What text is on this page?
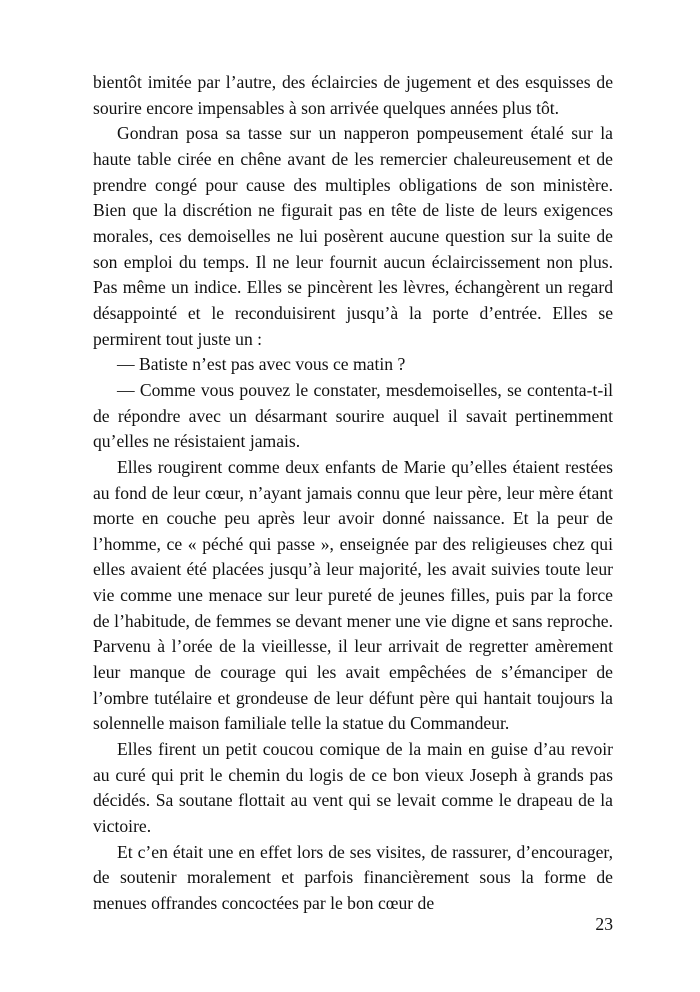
bientôt imitée par l’autre, des éclaircies de jugement et des esquisses de sourire encore impensables à son arrivée quelques années plus tôt.

Gondran posa sa tasse sur un napperon pompeusement étalé sur la haute table cirée en chêne avant de les remercier chaleureusement et de prendre congé pour cause des multiples obligations de son ministère. Bien que la discrétion ne figurait pas en tête de liste de leurs exigences morales, ces demoiselles ne lui posèrent aucune question sur la suite de son emploi du temps. Il ne leur fournit aucun éclaircissement non plus. Pas même un indice. Elles se pincèrent les lèvres, échangèrent un regard désappointé et le reconduisirent jusqu’à la porte d’entrée. Elles se permirent tout juste un :

— Batiste n’est pas avec vous ce matin ?

— Comme vous pouvez le constater, mesdemoiselles, se contenta-t-il de répondre avec un désarmant sourire auquel il savait pertinemment qu’elles ne résistaient jamais.

Elles rougirent comme deux enfants de Marie qu’elles étaient restées au fond de leur cœur, n’ayant jamais connu que leur père, leur mère étant morte en couche peu après leur avoir donné naissance. Et la peur de l’homme, ce « péché qui passe », enseignée par des religieuses chez qui elles avaient été placées jusqu’à leur majorité, les avait suivies toute leur vie comme une menace sur leur pureté de jeunes filles, puis par la force de l’habitude, de femmes se devant mener une vie digne et sans reproche. Parvenu à l’orée de la vieillesse, il leur arrivait de regretter amèrement leur manque de courage qui les avait empêchées de s’émanciper de l’ombre tutélaire et grondeuse de leur défunt père qui hantait toujours la solennelle maison familiale telle la statue du Commandeur.

Elles firent un petit coucou comique de la main en guise d’au revoir au curé qui prit le chemin du logis de ce bon vieux Joseph à grands pas décidés. Sa soutane flottait au vent qui se levait comme le drapeau de la victoire.

Et c’en était une en effet lors de ses visites, de rassurer, d’encourager, de soutenir moralement et parfois financièrement sous la forme de menues offrandes concoctées par le bon cœur de

23
